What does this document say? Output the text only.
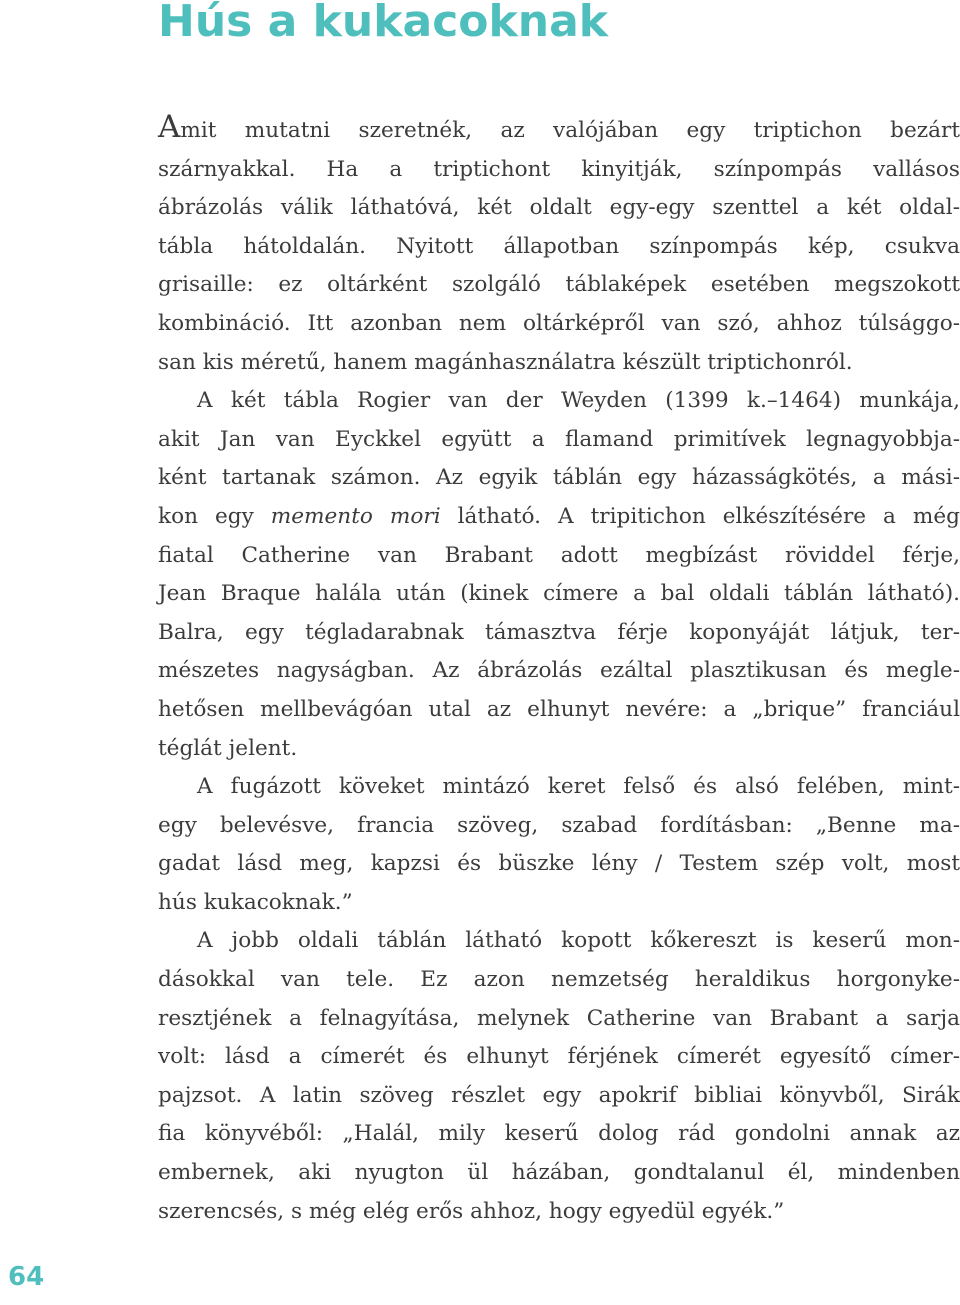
Hús a kukacoknak
Amit mutatni szeretnék, az valójában egy triptichon bezárt
szárnyakkal. Ha a triptichont kinyitják, színpompás vallásos
ábrázolás válik láthatóvá, két oldalt egy-egy szenttel a két oldal-
tábla hátoldalán. Nyitott állapotban színpompás kép, csukva
grisaille: ez oltárként szolgáló táblaképek esetében megszokott
kombináció. Itt azonban nem oltárképről van szó, ahhoz túlsággo-
san kis méretű, hanem magánhasználatra készült triptichonról.
A két tábla Rogier van der Weyden (1399 k.–1464) munkája,
akit Jan van Eyckkel együtt a flamand primitívek legnagyobbja-
ként tartanak számon. Az egyik táblán egy házasságkötés, a mási-
kon egy memento mori látható. A tripitichon elkészítésére a még
fiatal Catherine van Brabant adott megbízást röviddel férje,
Jean Braque halála után (kinek címere a bal oldali táblán látható).
Balra, egy tégladarabnak támasztva férje koponyáját látjuk, ter-
mészetes nagyságban. Az ábrázolás ezáltal plasztikusan és megle-
hetősen mellbevágóan utal az elhunyt nevére: a „brique” franciául
téglát jelent.
A fugázott köveket mintázó keret felső és alsó felében, mint-
egy belevésve, francia szöveg, szabad fordításban: „Benne ma-
gadat lásd meg, kapzsi és büszke lény / Testem szép volt, most
hús kukacoknak.”
A jobb oldali táblán látható kopott kőkereszt is keserű mon-
dásokkal van tele. Ez azon nemzetség heraldikus horgonyke-
resztjének a felnagyítása, melynek Catherine van Brabant a sarja
volt: lásd a címerét és elhunyt férjének címerét egyesítő címer-
pajzsot. A latin szöveg részlet egy apokrif bibliai könyvből, Sirák
fia könyvéből: „Halál, mily keserű dolog rád gondolni annak az
embernek, aki nyugton ül házában, gondtalanul él, mindenben
szerencsés, s még elég erős ahhoz, hogy egyedül egyék.”
64
